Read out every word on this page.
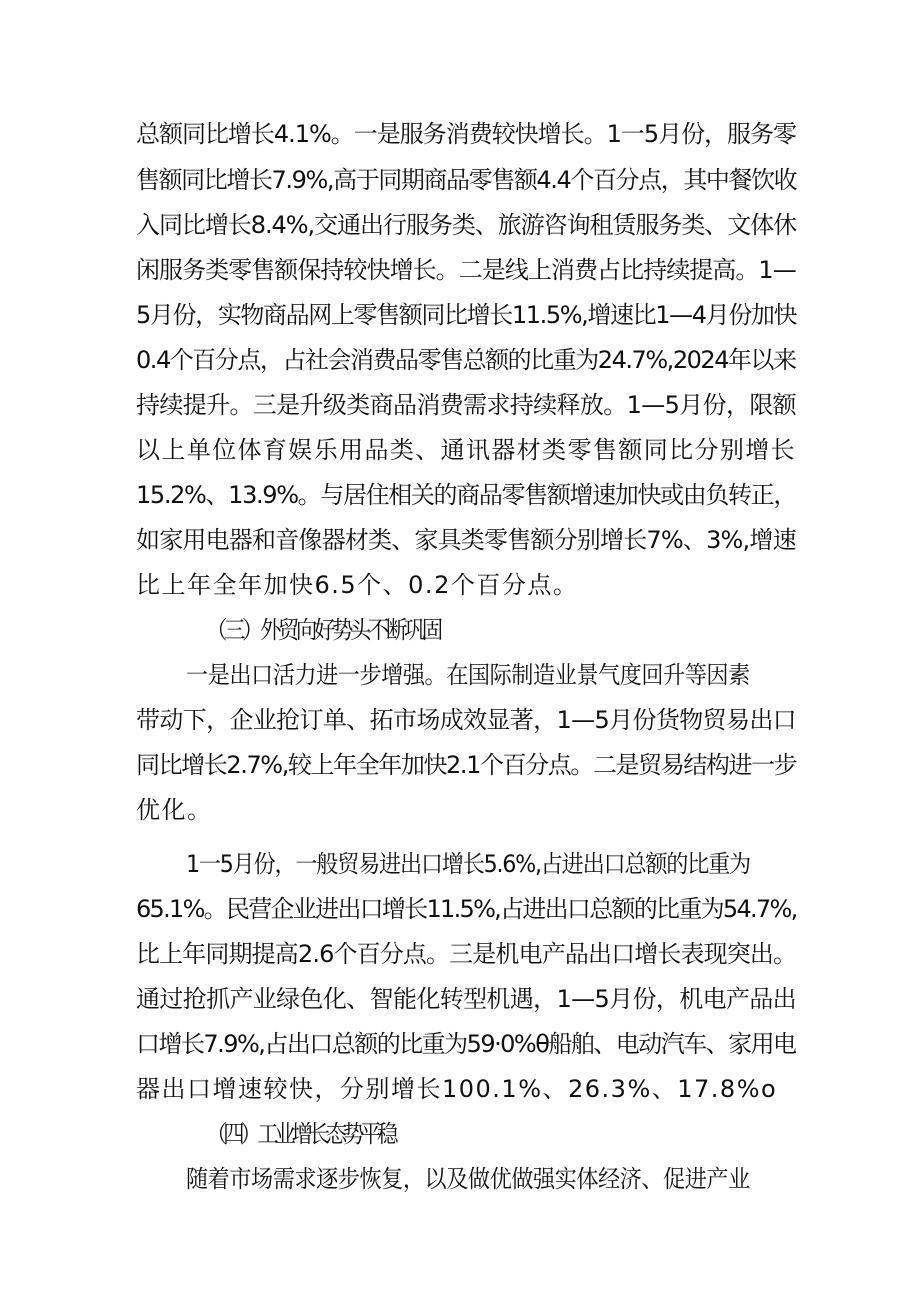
总额同比增长4.1%。一是服务消费较快增长。1一5月份，服务零
售额同比增长7.9%,高于同期商品零售额4.4个百分点，其中餐饮收
入同比增长8.4%,交通出行服务类、旅游咨询租赁服务类、文体休
闲服务类零售额保持较快增长。二是线上消费占比持续提高。1—
5月份，实物商品网上零售额同比增长11.5%,增速比1—4月份加快
0.4个百分点，占社会消费品零售总额的比重为24.7%,2024年以来
持续提升。三是升级类商品消费需求持续释放。1—5月份，限额
以上单位体育娱乐用品类、通讯器材类零售额同比分别增长
15.2%、13.9%。与居住相关的商品零售额增速加快或由负转正，
如家用电器和音像器材类、家具类零售额分别增长7%、3%,增速
比上年全年加快6.5个、0.2个百分点。
（三）外贸向好势头不断巩固
一是出口活力进一步增强。在国际制造业景气度回升等因素
带动下，企业抢订单、拓市场成效显著，1—5月份货物贸易出口
同比增长2.7%,较上年全年加快2.1个百分点。二是贸易结构进一步
优化。
1一5月份，一般贸易进出口增长5.6%,占进出口总额的比重为
65.1%。民营企业进出口增长11.5%,占进出口总额的比重为54.7%,
比上年同期提高2.6个百分点。三是机电产品出口增长表现突出。
通过抢抓产业绿色化、智能化转型机遇，1—5月份，机电产品出
口增长7.9%,占出口总额的比重为59·0%θ船舶、电动汽车、家用电
器出口增速较快，分别增长100.1%、26.3%、17.8%o
（四）工业增长态势平稳
随着市场需求逐步恢复，以及做优做强实体经济、促进产业
